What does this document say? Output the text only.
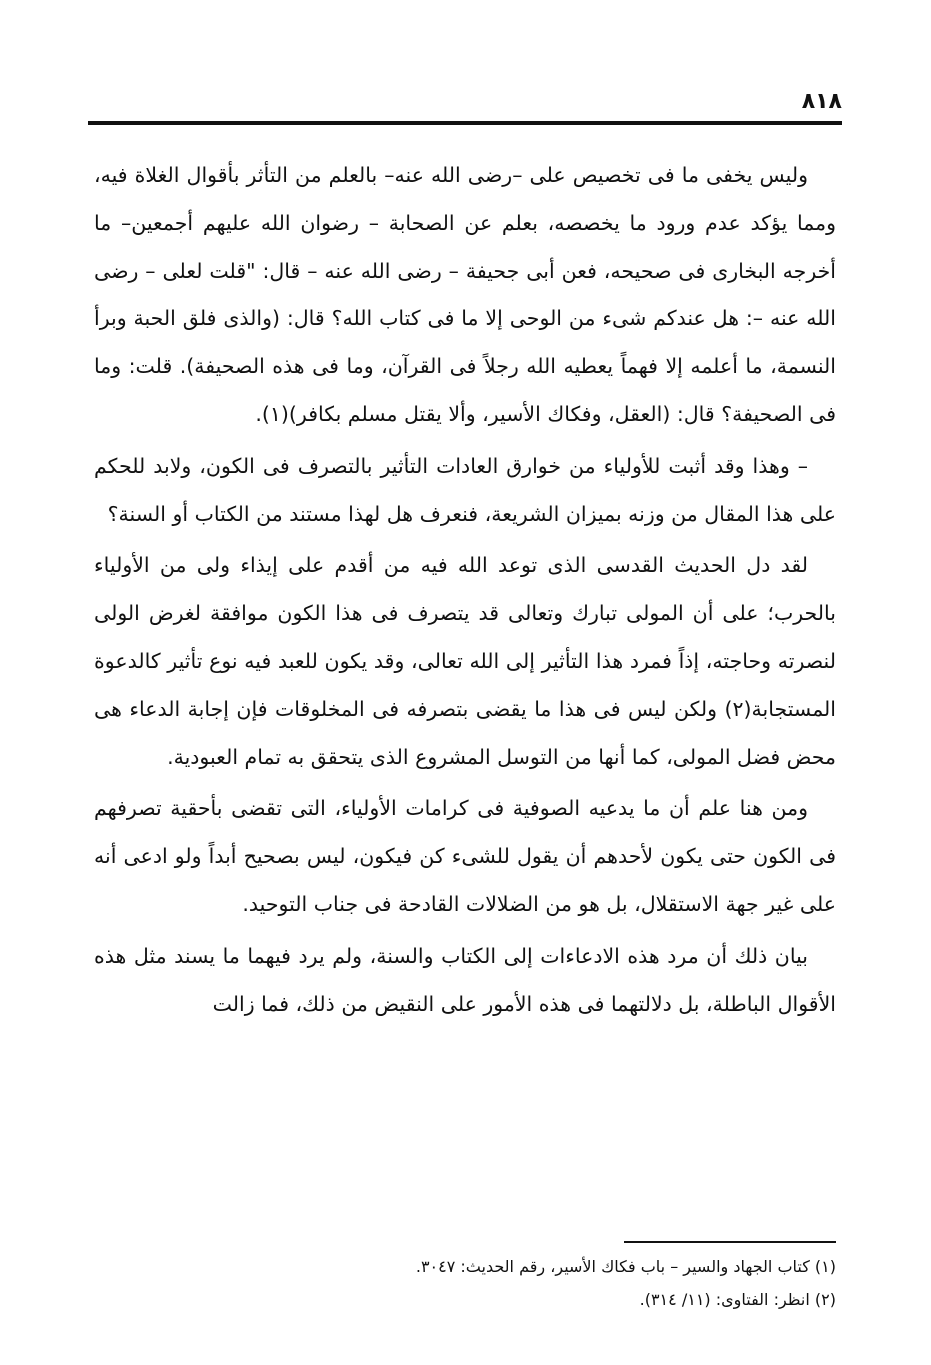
٨١٨

وليس يخفى ما فى تخصيص على –رضى الله عنه– بالعلم من التأثر بأقوال الغلاة فيه، ومما يؤكد عدم ورود ما يخصصه، بعلم عن الصحابة – رضوان الله عليهم أجمعين– ما أخرجه البخارى فى صحيحه، فعن أبى جحيفة – رضى الله عنه – قال: "قلت لعلى – رضى الله عنه –: هل عندكم شىء من الوحى إلا ما فى كتاب الله؟ قال: (والذى فلق الحبة وبرأ النسمة، ما أعلمه إلا فهماً يعطيه الله رجلاً فى القرآن، وما فى هذه الصحيفة). قلت: وما فى الصحيفة؟ قال: (العقل، وفكاك الأسير، وألا يقتل مسلم بكافر)(١).

– وهذا وقد أثبت للأولياء من خوارق العادات التأثير بالتصرف فى الكون، ولابد للحكم على هذا المقال من وزنه بميزان الشريعة، فنعرف هل لهذا مستند من الكتاب أو السنة؟

لقد دل الحديث القدسى الذى توعد الله فيه من أقدم على إيذاء ولى من الأولياء بالحرب؛ على أن المولى تبارك وتعالى قد يتصرف فى هذا الكون موافقة لغرض الولى لنصرته وحاجته، إذاً فمرد هذا التأثير إلى الله تعالى، وقد يكون للعبد فيه نوع تأثير كالدعوة المستجابة(٢) ولكن ليس فى هذا ما يقضى بتصرفه فى المخلوقات فإن إجابة الدعاء هى محض فضل المولى، كما أنها من التوسل المشروع الذى يتحقق به تمام العبودية.

ومن هنا علم أن ما يدعيه الصوفية فى كرامات الأولياء، التى تقضى بأحقية تصرفهم فى الكون حتى يكون لأحدهم أن يقول للشىء كن فيكون، ليس بصحيح أبداً ولو ادعى أنه على غير جهة الاستقلال، بل هو من الضلالات القادحة فى جناب التوحيد.

بيان ذلك أن مرد هذه الادعاءات إلى الكتاب والسنة، ولم يرد فيهما ما يسند مثل هذه الأقوال الباطلة، بل دلالتهما فى هذه الأمور على النقيض من ذلك، فما زالت

(١) كتاب الجهاد والسير – باب فكاك الأسير، رقم الحديث: ٣٠٤٧.
(٢) انظر: الفتاوى: (١١/ ٣١٤).
